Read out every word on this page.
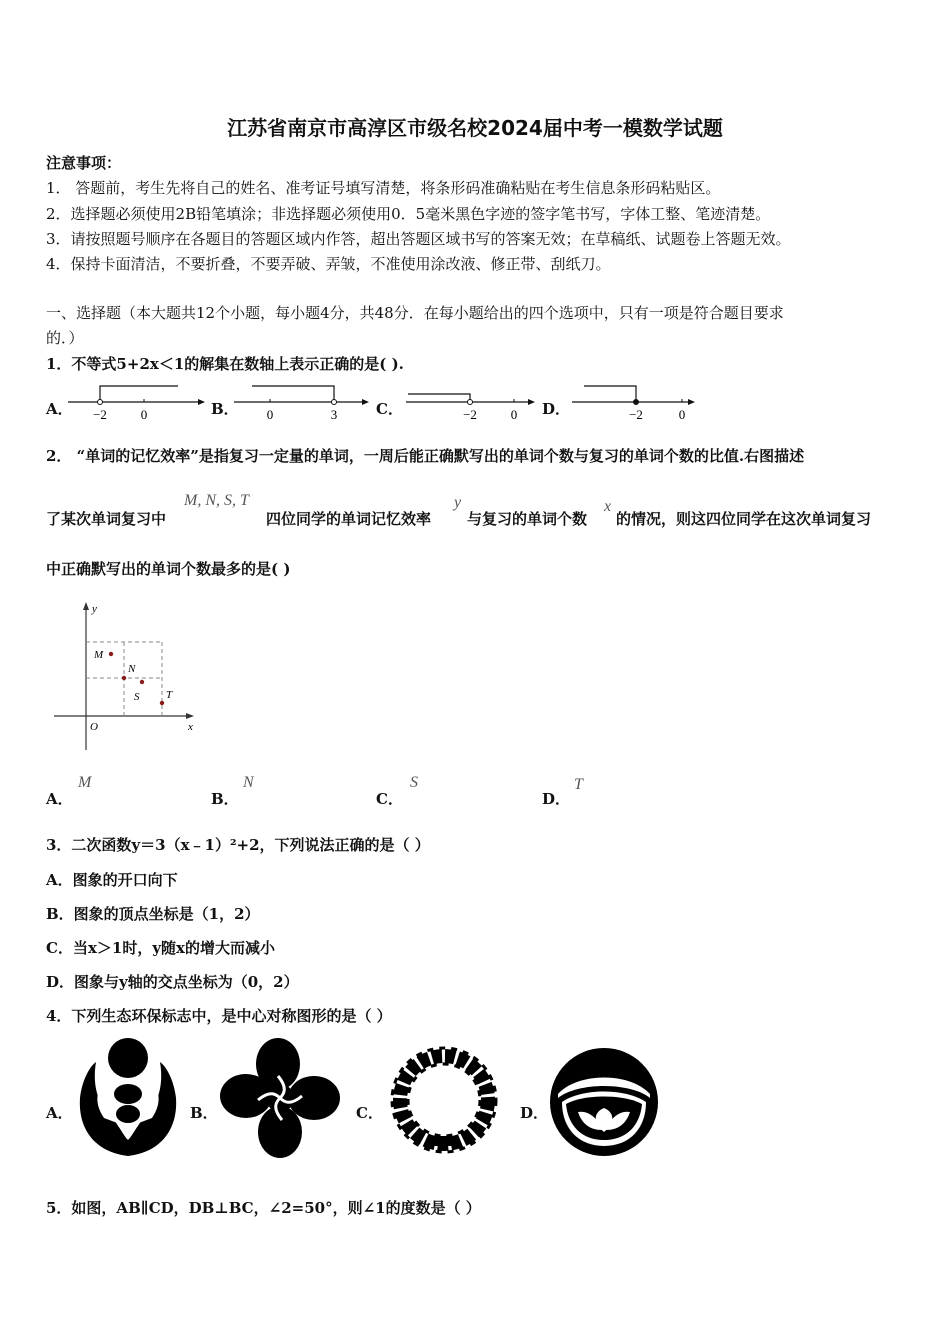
江苏省南京市高淳区市级名校2024届中考一模数学试题
注意事项：
1． 答题前，考生先将自己的姓名、准考证号填写清楚，将条形码准确粘贴在考生信息条形码粘贴区。
2．选择题必须使用2B铅笔填涂；非选择题必须使用0．5毫米黑色字迹的签字笔书写，字体工整、笔迹清楚。
3．请按照题号顺序在各题目的答题区域内作答，超出答题区域书写的答案无效；在草稿纸、试题卷上答题无效。
4．保持卡面清洁，不要折叠，不要弄破、弄皱，不准使用涂改液、修正带、刮纸刀。
一、选择题（本大题共12个小题，每小题4分，共48分．在每小题给出的四个选项中，只有一项是符合题目要求
的．）
1．不等式5+2x＜1的解集在数轴上表示正确的是( ).
A． −2	0	B． 0	3	C．	−2	0 D．	−2	0
2． “单词的记忆效率”是指复习一定量的单词，一周后能正确默写出的单词个数与复习的单词个数的比值.右图描述
了某次单词复习中
M, N, S, T
四位同学的单词记忆效率
y
与复习的单词个数
x
的情况，则这四位同学在这次单词复习
中正确默写出的单词个数最多的是( )
y
x
O
M
N
S T
A．
M
B．
N
C．
S
D．
T
3．二次函数y＝3（x﹣1）²+2，下列说法正确的是（ ）
A．图象的开口向下
B．图象的顶点坐标是（1，2）
C．当x＞1时，y随x的增大而减小
D．图象与y轴的交点坐标为（0，2）
4．下列生态环保标志中，是中心对称图形的是（ ）
A．	B．	C．	D．
5．如图，AB∥CD，DB⊥BC，∠2=50°，则∠1的度数是（ ）
